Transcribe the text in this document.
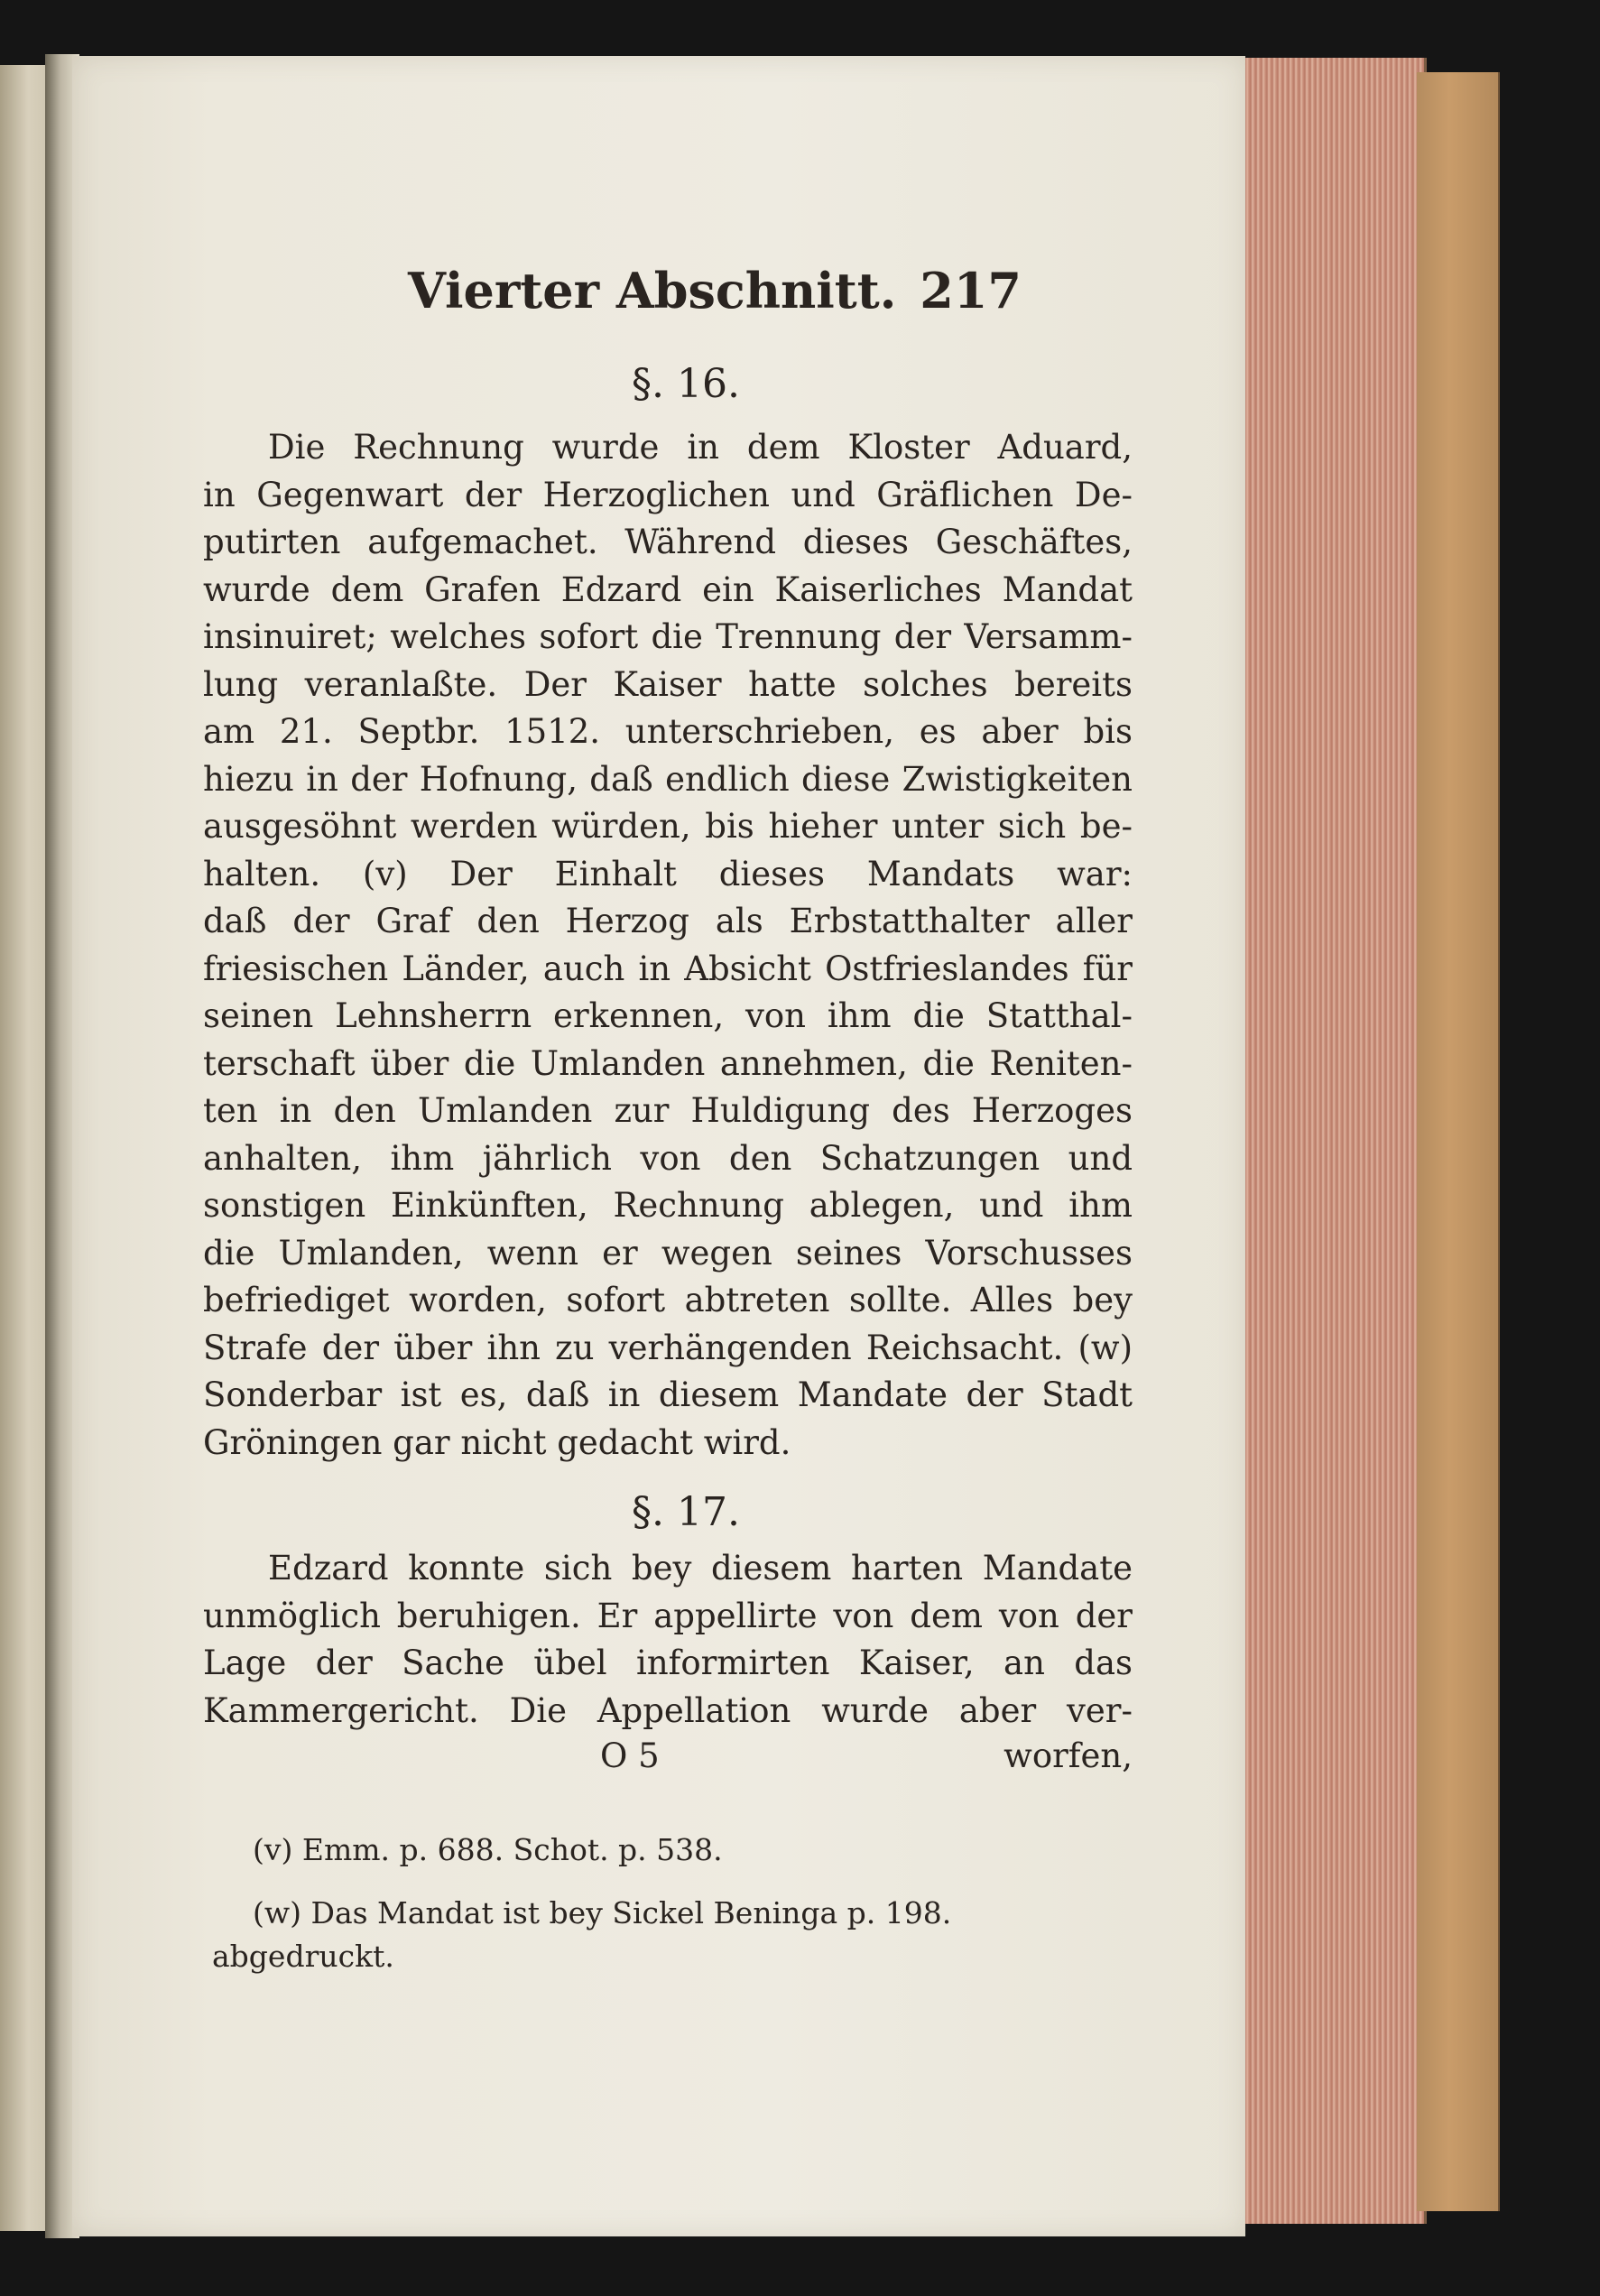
Vierter Abschnitt. 217
§. 16.

Die Rechnung wurde in dem Kloster Aduard,
in Gegenwart der Herzoglichen und Gräflichen De-
putirten aufgemachet. Während dieses Geschäftes,
wurde dem Grafen Edzard ein Kaiserliches Mandat
insinuiret; welches sofort die Trennung der Versamm-
lung veranlaßte. Der Kaiser hatte solches bereits
am 21. Septbr. 1512. unterschrieben, es aber bis
hiezu in der Hofnung, daß endlich diese Zwistigkeiten
ausgesöhnt werden würden, bis hieher unter sich be-
halten. (v) Der Einhalt dieses Mandats war:
daß der Graf den Herzog als Erbstatthalter aller
friesischen Länder, auch in Absicht Ostfrieslandes für
seinen Lehnsherrn erkennen, von ihm die Statthal-
terschaft über die Umlanden annehmen, die Reniten-
ten in den Umlanden zur Huldigung des Herzoges
anhalten, ihm jährlich von den Schatzungen und
sonstigen Einkünften, Rechnung ablegen, und ihm
die Umlanden, wenn er wegen seines Vorschusses
befriediget worden, sofort abtreten sollte. Alles bey
Strafe der über ihn zu verhängenden Reichsacht. (w)
Sonderbar ist es, daß in diesem Mandate der Stadt
Gröningen gar nicht gedacht wird.

§. 17.

Edzard konnte sich bey diesem harten Mandate
unmöglich beruhigen. Er appellirte von dem von der
Lage der Sache übel informirten Kaiser, an das
Kammergericht. Die Appellation wurde aber ver-

O 5	worfen,

(v) Emm. p. 688. Schot. p. 538.

(w) Das Mandat ist bey Sickel Beninga p. 198.
abgedruckt.
